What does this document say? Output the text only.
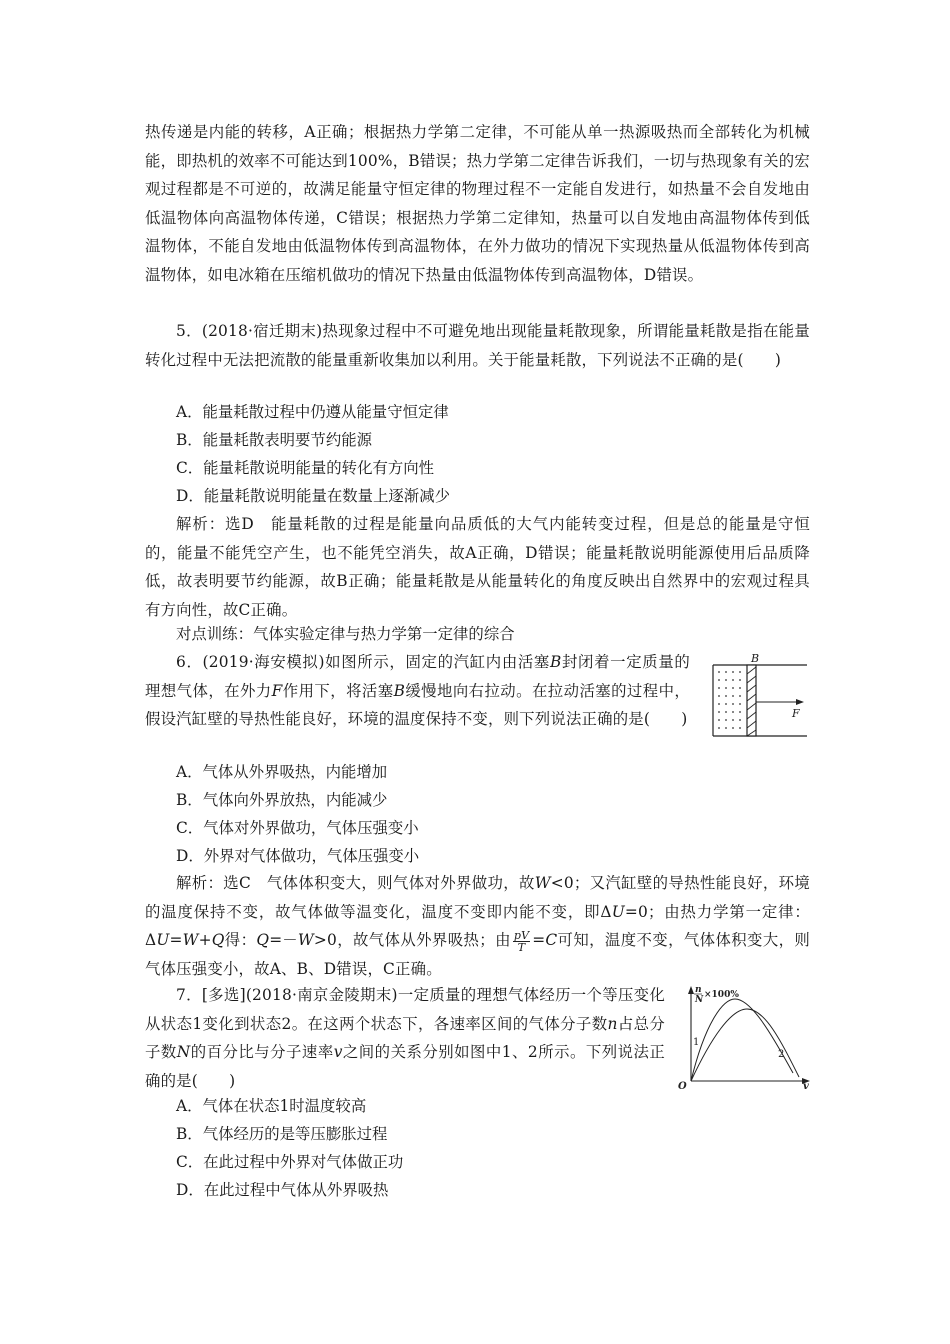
热传递是内能的转移，A正确；根据热力学第二定律，不可能从单一热源吸热而全部转化为机械能，即热机的效率不可能达到100%，B错误；热力学第二定律告诉我们，一切与热现象有关的宏观过程都是不可逆的，故满足能量守恒定律的物理过程不一定能自发进行，如热量不会自发地由低温物体向高温物体传递，C错误；根据热力学第二定律知，热量可以自发地由高温物体传到低温物体，不能自发地由低温物体传到高温物体，在外力做功的情况下实现热量从低温物体传到高温物体，如电冰箱在压缩机做功的情况下热量由低温物体传到高温物体，D错误。

5．(2018·宿迁期末)热现象过程中不可避免地出现能量耗散现象，所谓能量耗散是指在能量转化过程中无法把流散的能量重新收集加以利用。关于能量耗散，下列说法不正确的是(　　)

A．能量耗散过程中仍遵从能量守恒定律

B．能量耗散表明要节约能源

C．能量耗散说明能量的转化有方向性

D．能量耗散说明能量在数量上逐渐减少

解析：选D　能量耗散的过程是能量向品质低的大气内能转变过程，但是总的能量是守恒的，能量不能凭空产生，也不能凭空消失，故A正确，D错误；能量耗散说明能源使用后品质降低，故表明要节约能源，故B正确；能量耗散是从能量转化的角度反映出自然界中的宏观过程具有方向性，故C正确。

对点训练：气体实验定律与热力学第一定律的综合

6．(2019·海安模拟)如图所示，固定的汽缸内由活塞B封闭着一定质量的理想气体，在外力F作用下，将活塞B缓慢地向右拉动。在拉动活塞的过程中，假设汽缸壁的导热性能良好，环境的温度保持不变，则下列说法正确的是(　　)

B
F

A．气体从外界吸热，内能增加

B．气体向外界放热，内能减少

C．气体对外界做功，气体压强变小

D．外界对气体做功，气体压强变小

解析：选C　气体体积变大，则气体对外界做功，故W<0；又汽缸壁的导热性能良好，环境的温度保持不变，故气体做等温变化，温度不变即内能不变，即ΔU=0；由热力学第一定律：ΔU=W+Q得：Q=－W>0，故气体从外界吸热；由 $\frac{pV}{T} =C$可知，温度不变，气体体积变大，则气体压强变小，故A、B、D错误，C正确。

7．[多选](2018·南京金陵期末)一定质量的理想气体经历一个等压变化从状态1变化到状态2。在这两个状态下，各速率区间的气体分子数n占总分子数N的百分比与分子速率v之间的关系分别如图中1、2所示。下列说法正确的是(　　)

n
N ×100%
1
2
O	v

A．气体在状态1时温度较高

B．气体经历的是等压膨胀过程

C．在此过程中外界对气体做正功

D．在此过程中气体从外界吸热
